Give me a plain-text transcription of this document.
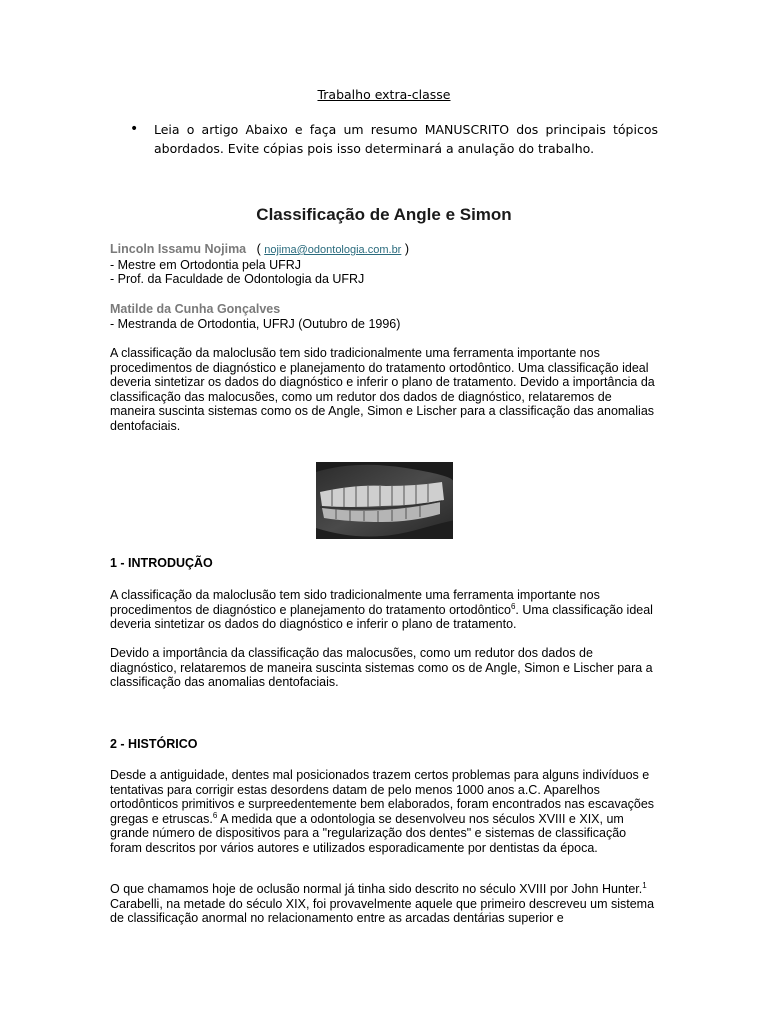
Trabalho extra-classe
• Leia o artigo Abaixo e faça um resumo MANUSCRITO dos principais tópicos abordados. Evite cópias pois isso determinará a anulação do trabalho.
Classificação de Angle e Simon
Lincoln Issamu Nojima ( nojima@odontologia.com.br )
- Mestre em Ortodontia pela UFRJ
- Prof. da Faculdade de Odontologia da UFRJ
Matilde da Cunha Gonçalves
- Mestranda de Ortodontia, UFRJ (Outubro de 1996)
A classificação da maloclusão tem sido tradicionalmente uma ferramenta importante nos procedimentos de diagnóstico e planejamento do tratamento ortodôntico. Uma classificação ideal deveria sintetizar os dados do diagnóstico e inferir o plano de tratamento. Devido a importância da classificação das malocusões, como um redutor dos dados de diagnóstico, relataremos de maneira suscinta sistemas como os de Angle, Simon e Lischer para a classificação das anomalias dentofaciais.
1 - INTRODUÇÃO
A classificação da maloclusão tem sido tradicionalmente uma ferramenta importante nos procedimentos de diagnóstico e planejamento do tratamento ortodôntico$^6$. Uma classificação ideal deveria sintetizar os dados do diagnóstico e inferir o plano de tratamento.
Devido a importância da classificação das malocusões, como um redutor dos dados de diagnóstico, relataremos de maneira suscinta sistemas como os de Angle, Simon e Lischer para a classificação das anomalias dentofaciais.
2 - HISTÓRICO
Desde a antiguidade, dentes mal posicionados trazem certos problemas para alguns indivíduos e tentativas para corrigir estas desordens datam de pelo menos 1000 anos a.C. Aparelhos ortodônticos primitivos e surpreedentemente bem elaborados, foram encontrados nas escavações gregas e etruscas.$^6$ A medida que a odontologia se desenvolveu nos séculos XVIII e XIX, um grande número de dispositivos para a "regularização dos dentes" e sistemas de classificação foram descritos por vários autores e utilizados esporadicamente por dentistas da época.
O que chamamos hoje de oclusão normal já tinha sido descrito no século XVIII por John Hunter.$^1$ Carabelli, na metade do século XIX, foi provavelmente aquele que primeiro descreveu um sistema de classificação anormal no relacionamento entre as arcadas dentárias superior e
